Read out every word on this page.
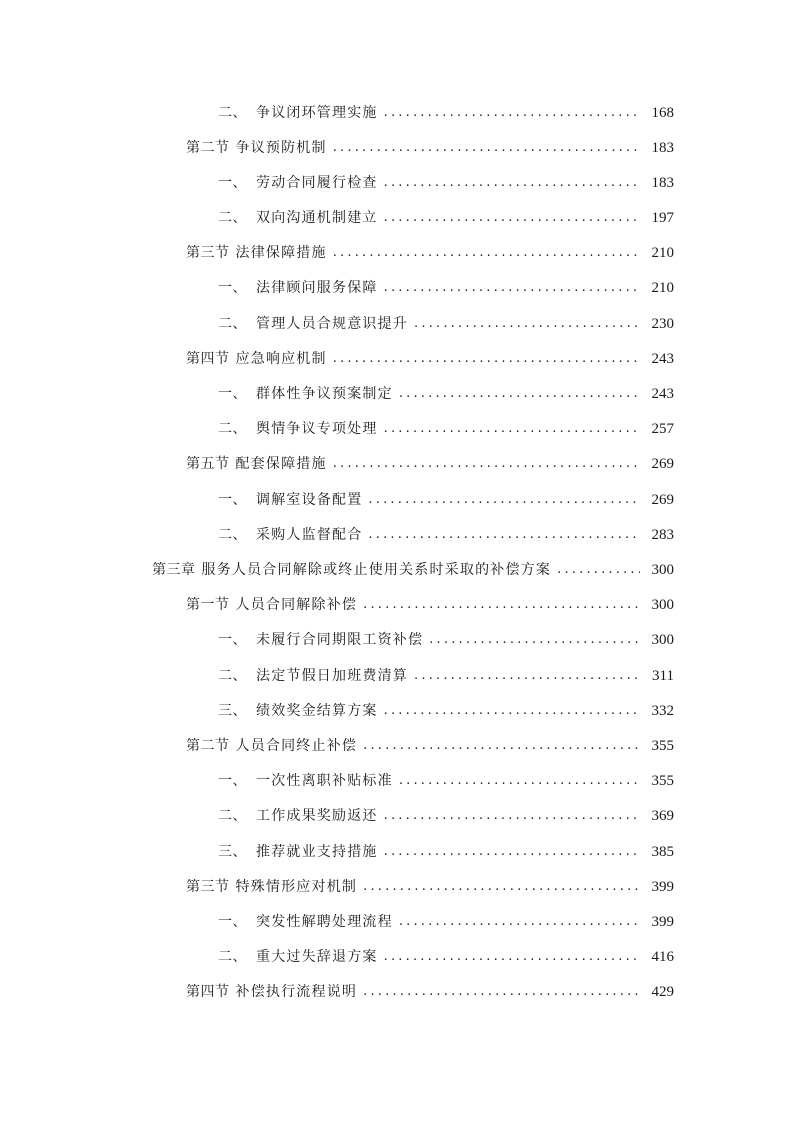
二、 争议闭环管理实施 .....	168
第二节 争议预防机制 .....	183
一、 劳动合同履行检查 .....	183
二、 双向沟通机制建立 .....	197
第三节 法律保障措施 .....	210
一、 法律顾问服务保障 .....	210
二、 管理人员合规意识提升 .....	230
第四节 应急响应机制 .....	243
一、 群体性争议预案制定 .....	243
二、 舆情争议专项处理 .....	257
第五节 配套保障措施 .....	269
一、 调解室设备配置 .....	269
二、 采购人监督配合 .....	283
第三章 服务人员合同解除或终止使用关系时采取的补偿方案 .....	300
第一节 人员合同解除补偿 .....	300
一、 未履行合同期限工资补偿 .....	300
二、 法定节假日加班费清算 .....	311
三、 绩效奖金结算方案 .....	332
第二节 人员合同终止补偿 .....	355
一、 一次性离职补贴标准 .....	355
二、 工作成果奖励返还 .....	369
三、 推荐就业支持措施 .....	385
第三节 特殊情形应对机制 .....	399
一、 突发性解聘处理流程 .....	399
二、 重大过失辞退方案 .....	416
第四节 补偿执行流程说明 .....	429
